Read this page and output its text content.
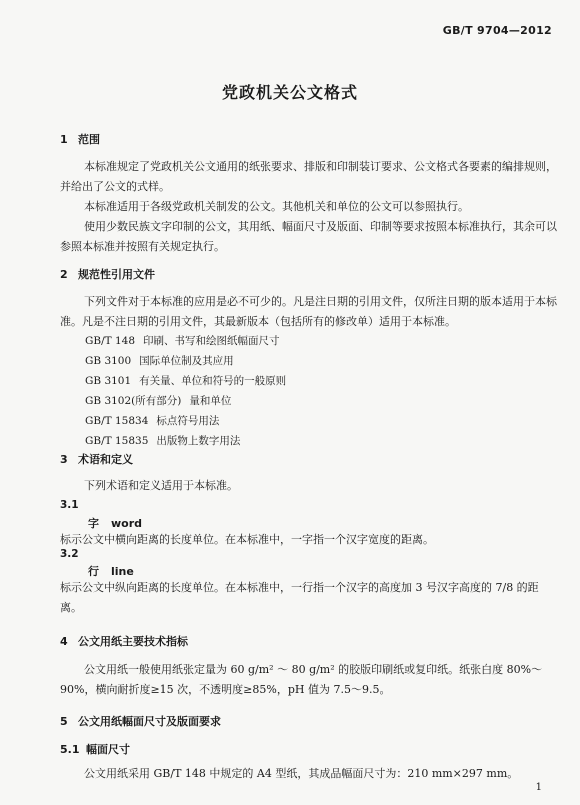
GB/T 9704—2012
党政机关公文格式
1 范围
本标准规定了党政机关公文通用的纸张要求、排版和印制装订要求、公文格式各要素的编排规则，并给出了公文的式样。
本标准适用于各级党政机关制发的公文。其他机关和单位的公文可以参照执行。
使用少数民族文字印制的公文，其用纸、幅面尺寸及版面、印制等要求按照本标准执行，其余可以参照本标准并按照有关规定执行。
2 规范性引用文件
下列文件对于本标准的应用是必不可少的。凡是注日期的引用文件，仅所注日期的版本适用于本标准。凡是不注日期的引用文件，其最新版本（包括所有的修改单）适用于本标准。
GB/T 148 印刷、书写和绘图纸幅面尺寸
GB 3100 国际单位制及其应用
GB 3101 有关量、单位和符号的一般原则
GB 3102(所有部分) 量和单位
GB/T 15834 标点符号用法
GB/T 15835 出版物上数字用法
3 术语和定义
下列术语和定义适用于本标准。
3.1
字 word
标示公文中横向距离的长度单位。在本标准中，一字指一个汉字宽度的距离。
3.2
行 line
标示公文中纵向距离的长度单位。在本标准中，一行指一个汉字的高度加 3 号汉字高度的 7/8 的距离。
4 公文用纸主要技术指标
公文用纸一般使用纸张定量为 60 g/m² ～ 80 g/m² 的胶版印刷纸或复印纸。纸张白度 80%～90%，横向耐折度≥15 次，不透明度≥85%，pH 值为 7.5～9.5。
5 公文用纸幅面尺寸及版面要求
5.1 幅面尺寸
公文用纸采用 GB/T 148 中规定的 A4 型纸，其成品幅面尺寸为：210 mm×297 mm。
1
